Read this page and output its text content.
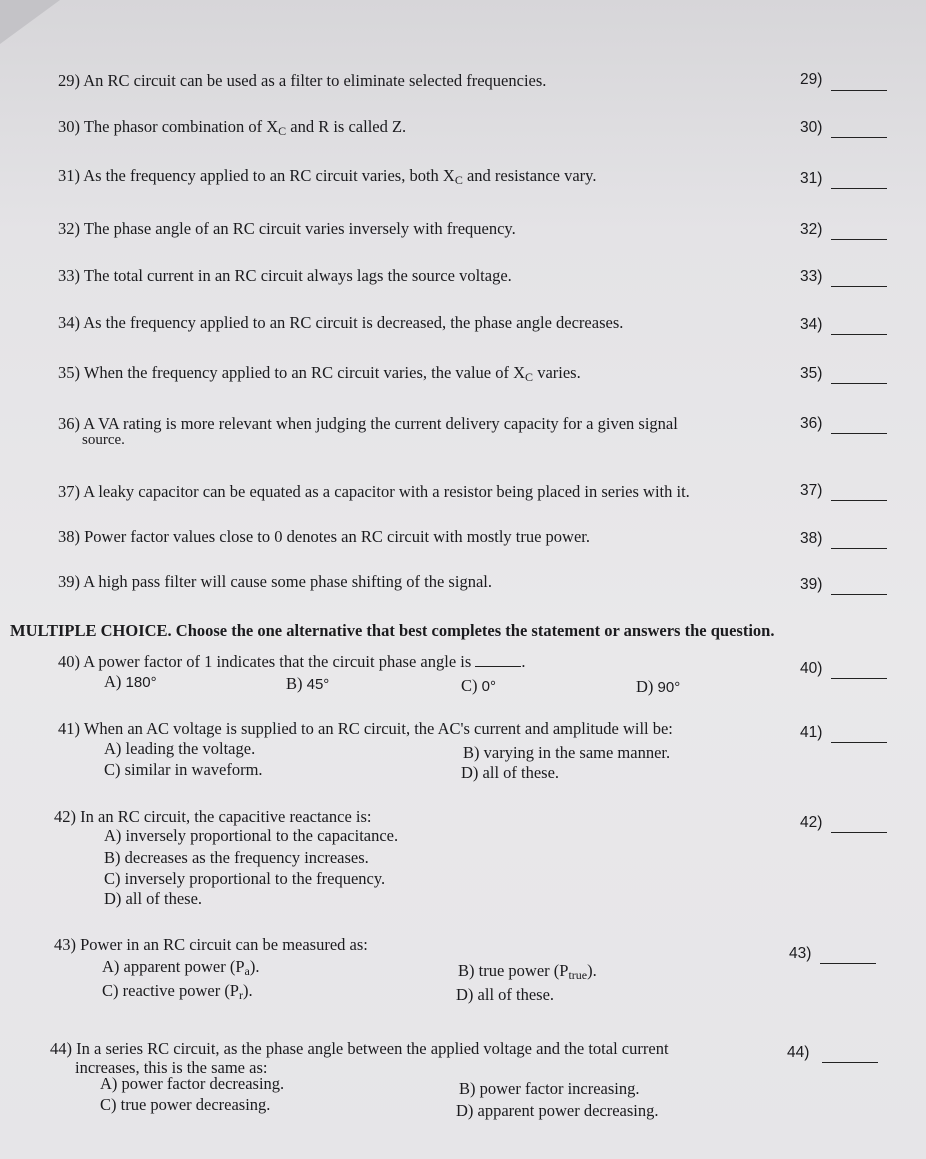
29) An RC circuit can be used as a filter to eliminate selected frequencies.	29)
30) The phasor combination of $X_C$ and R is called Z.	30)
31) As the frequency applied to an RC circuit varies, both $X_C$ and resistance vary.	31)
32) The phase angle of an RC circuit varies inversely with frequency.	32)
33) The total current in an RC circuit always lags the source voltage.	33)
34) As the frequency applied to an RC circuit is decreased, the phase angle decreases.	34)
35) When the frequency applied to an RC circuit varies, the value of $X_C$ varies.	35)
36) A VA rating is more relevant when judging the current delivery capacity for a given signal
source.
36)
37) A leaky capacitor can be equated as a capacitor with a resistor being placed in series with it.	37)
38) Power factor values close to 0 denotes an RC circuit with mostly true power.	38)
39) A high pass filter will cause some phase shifting of the signal.	39)
MULTIPLE CHOICE. Choose the one alternative that best completes the statement or answers the question.
40) A power factor of 1 indicates that the circuit phase angle is	.	40)
A) 180°	B) 45°	C) 0°	D) 90°
41) When an AC voltage is supplied to an RC circuit, the AC's current and amplitude will be:	41)
A) leading the voltage.	B) varying in the same manner.
C) similar in waveform.	D) all of these.
42) In an RC circuit, the capacitive reactance is:	42)
A) inversely proportional to the capacitance.
B) decreases as the frequency increases.
C) inversely proportional to the frequency.
D) all of these.
43) Power in an RC circuit can be measured as:	43)
A) apparent power $(P_a)$.	B) true power $(P_{true})$.
C) reactive power $(P_r)$.	D) all of these.
44) In a series RC circuit, as the phase angle between the applied voltage and the total current
increases, this is the same as:
44)
A) power factor decreasing.	B) power factor increasing.
C) true power decreasing.	D) apparent power decreasing.
